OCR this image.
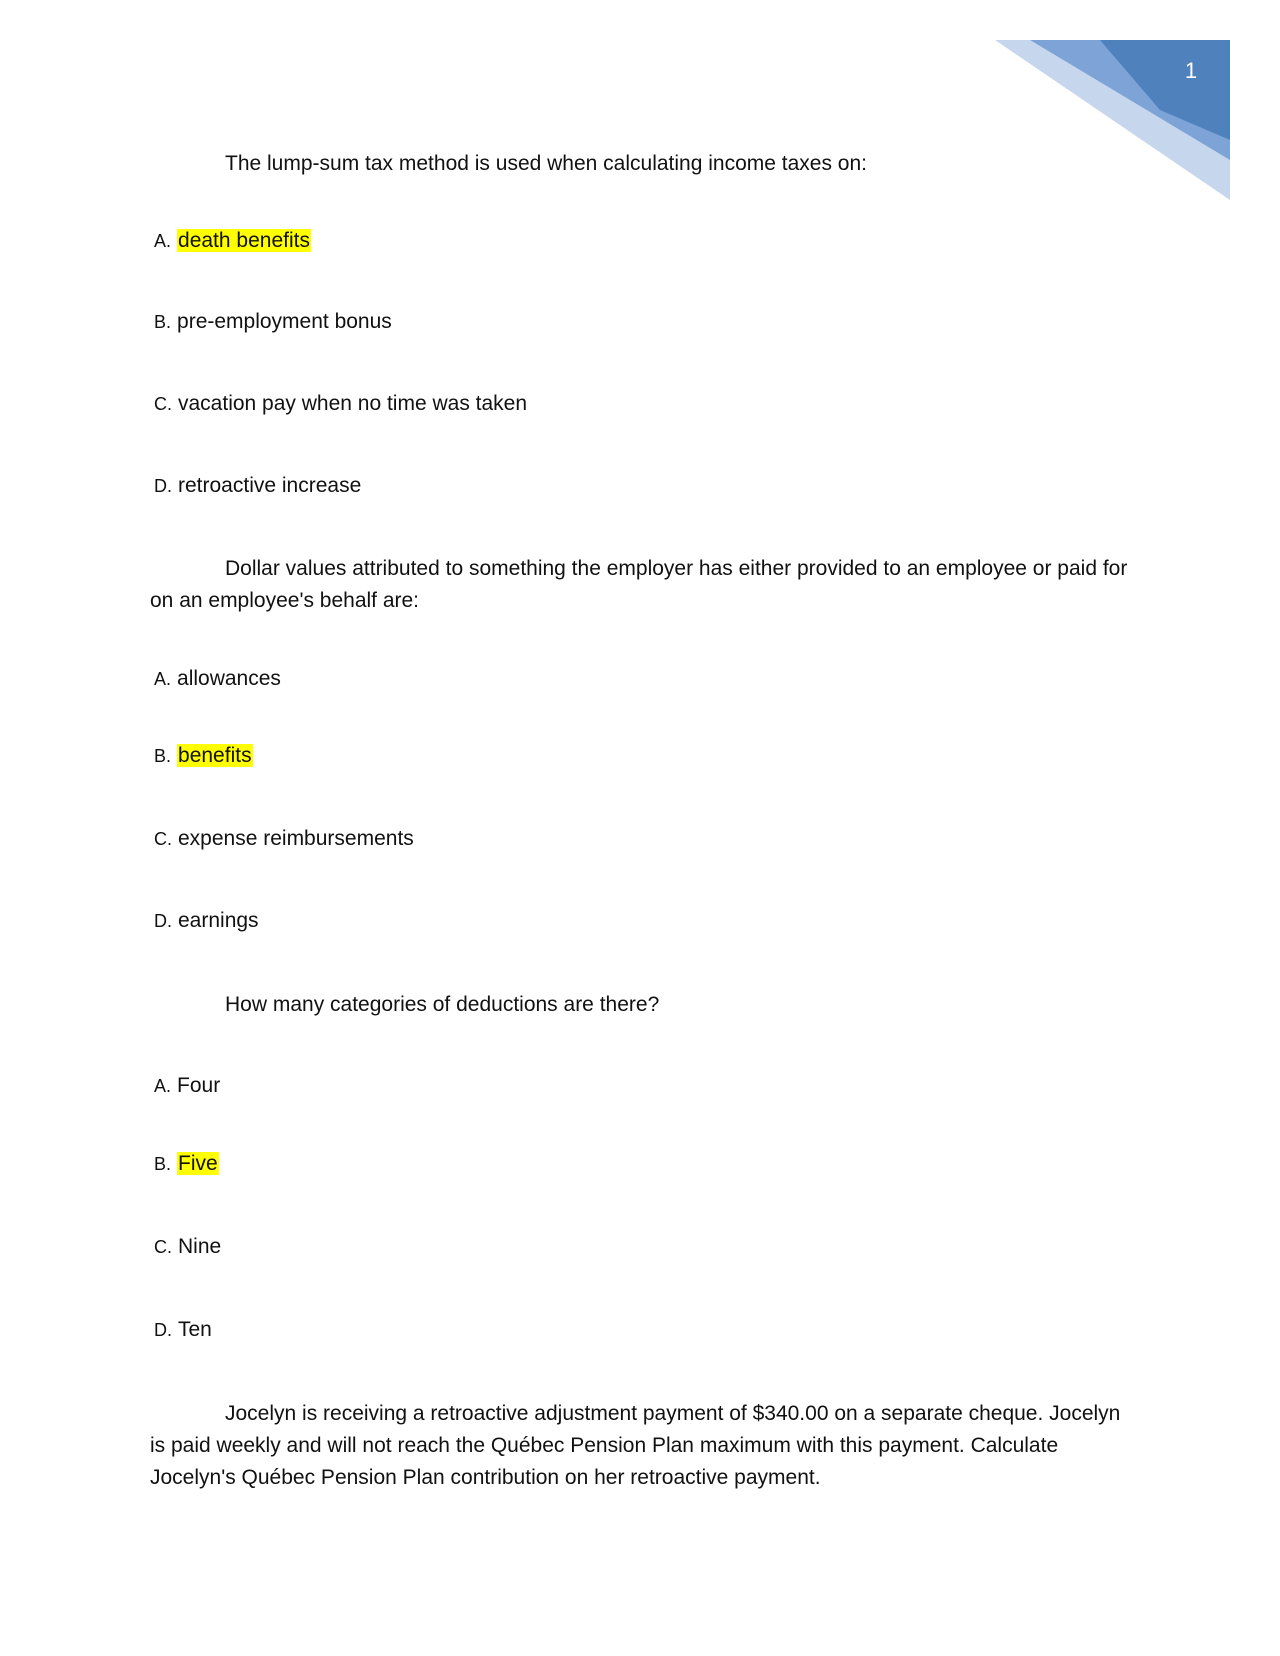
1

The lump-sum tax method is used when calculating income taxes on:

A. death benefits

B. pre-employment bonus

C. vacation pay when no time was taken

D. retroactive increase

Dollar values attributed to something the employer has either provided to an employee or paid for on an employee's behalf are:

A. allowances

B. benefits

C. expense reimbursements

D. earnings

How many categories of deductions are there?

A. Four

B. Five

C. Nine

D. Ten

Jocelyn is receiving a retroactive adjustment payment of $340.00 on a separate cheque. Jocelyn is paid weekly and will not reach the Québec Pension Plan maximum with this payment. Calculate Jocelyn's Québec Pension Plan contribution on her retroactive payment.
